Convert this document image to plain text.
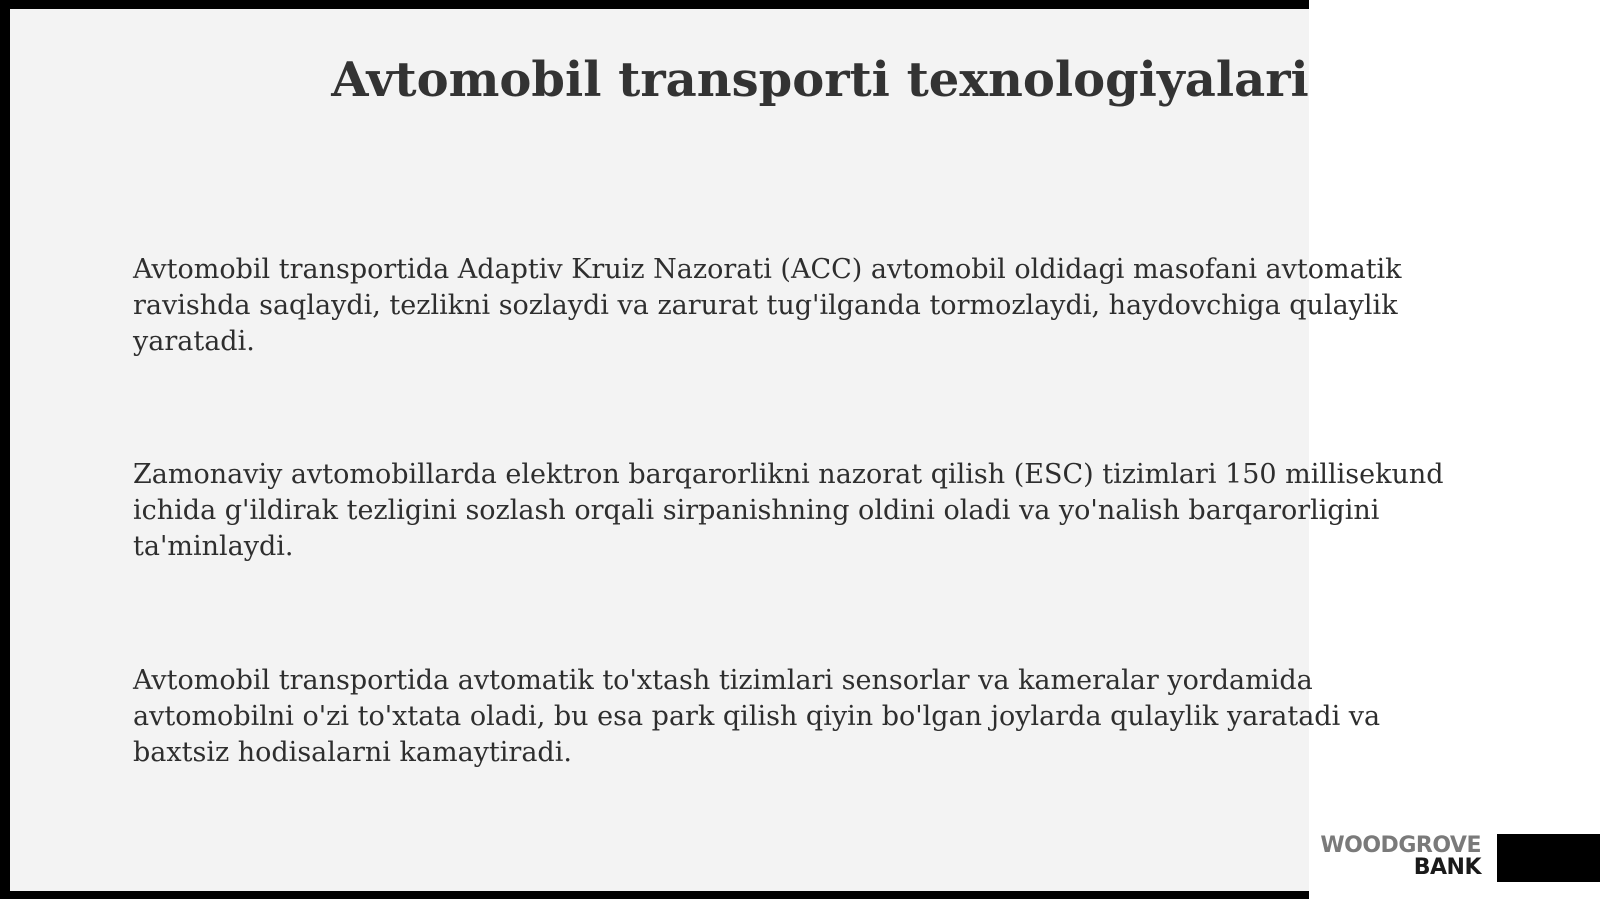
Avtomobil transporti texnologiyalari

Avtomobil transportida Adaptiv Kruiz Nazorati (ACC) avtomobil oldidagi masofani avtomatik ravishda saqlaydi, tezlikni sozlaydi va zarurat tug'ilganda tormozlaydi, haydovchiga qulaylik yaratadi.

Zamonaviy avtomobillarda elektron barqarorlikni nazorat qilish (ESC) tizimlari 150 millisekund ichida g'ildirak tezligini sozlash orqali sirpanishning oldini oladi va yo'nalish barqarorligini ta'minlaydi.

Avtomobil transportida avtomatik to'xtash tizimlari sensorlar va kameralar yordamida avtomobilni o'zi to'xtata oladi, bu esa park qilish qiyin bo'lgan joylarda qulaylik yaratadi va baxtsiz hodisalarni kamaytiradi.

WOODGROVE
BANK
